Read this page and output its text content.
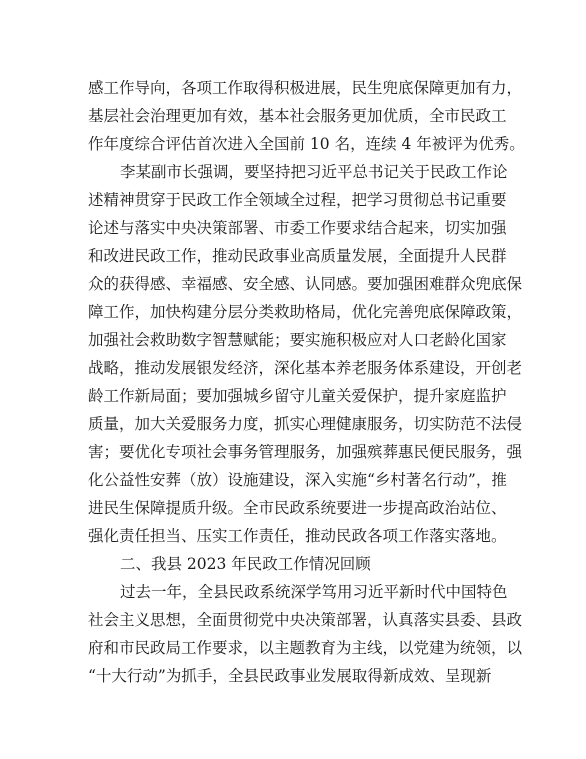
感工作导向，各项工作取得积极进展，民生兜底保障更加有力，
基层社会治理更加有效，基本社会服务更加优质，全市民政工
作年度综合评估首次进入全国前 10 名，连续 4 年被评为优秀。
李某副市长强调，要坚持把习近平总书记关于民政工作论
述精神贯穿于民政工作全领域全过程，把学习贯彻总书记重要
论述与落实中央决策部署、市委工作要求结合起来，切实加强
和改进民政工作，推动民政事业高质量发展，全面提升人民群
众的获得感、幸福感、安全感、认同感。要加强困难群众兜底保
障工作，加快构建分层分类救助格局，优化完善兜底保障政策，
加强社会救助数字智慧赋能；要实施积极应对人口老龄化国家
战略，推动发展银发经济，深化基本养老服务体系建设，开创老
龄工作新局面；要加强城乡留守儿童关爱保护，提升家庭监护
质量，加大关爱服务力度，抓实心理健康服务，切实防范不法侵
害；要优化专项社会事务管理服务，加强殡葬惠民便民服务，强
化公益性安葬（放）设施建设，深入实施“乡村著名行动”，推
进民生保障提质升级。全市民政系统要进一步提高政治站位、
强化责任担当、压实工作责任，推动民政各项工作落实落地。
二、我县 2023 年民政工作情况回顾
过去一年，全县民政系统深学笃用习近平新时代中国特色
社会主义思想，全面贯彻党中央决策部署，认真落实县委、县政
府和市民政局工作要求，以主题教育为主线，以党建为统领，以
“十大行动”为抓手，全县民政事业发展取得新成效、呈现新
